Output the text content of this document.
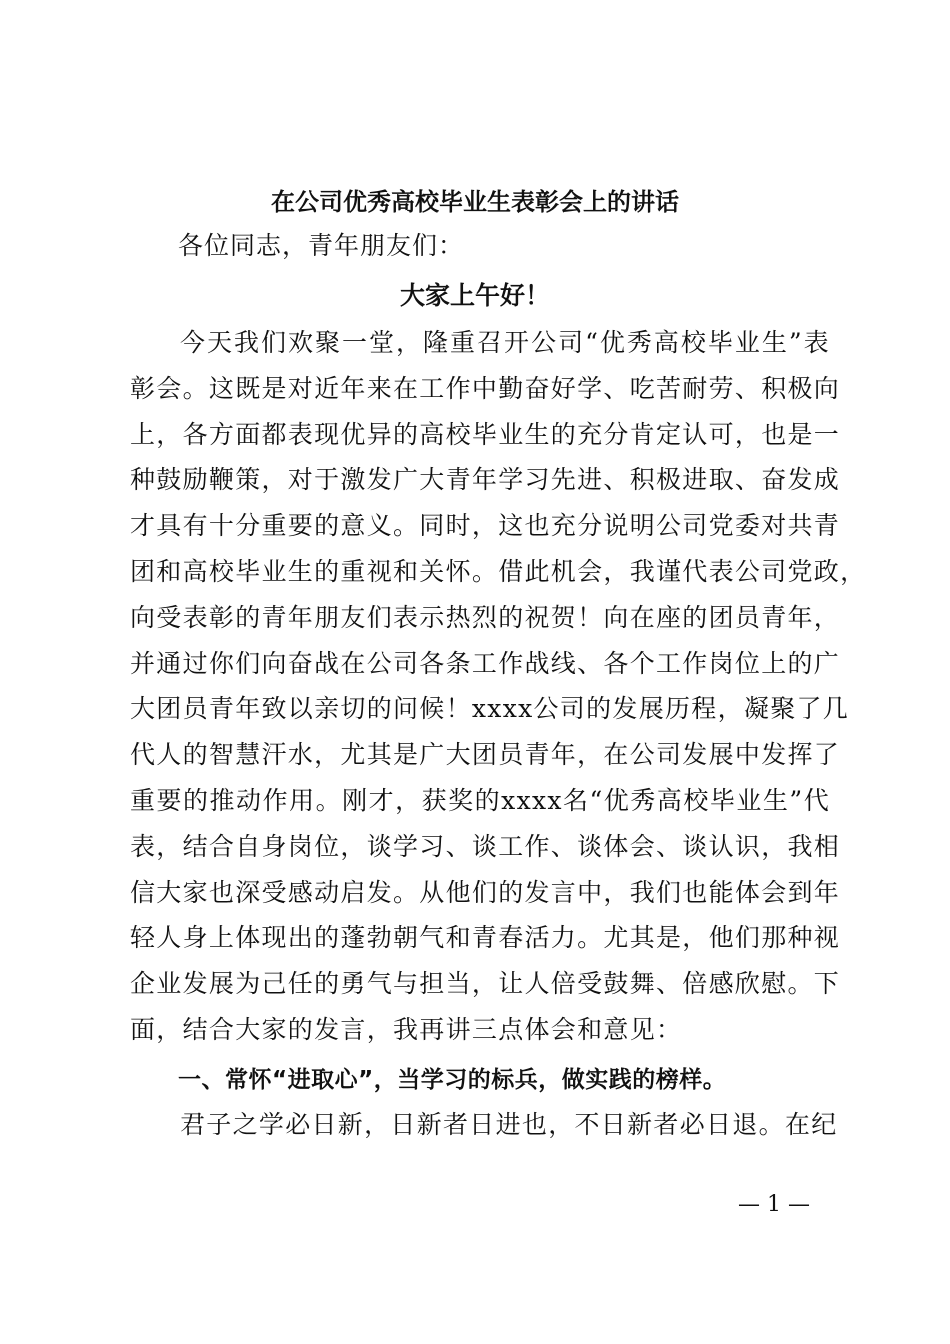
在公司优秀高校毕业生表彰会上的讲话

各位同志，青年朋友们：

大家上午好！

今天我们欢聚一堂，隆重召开公司“优秀高校毕业生”表
彰会。这既是对近年来在工作中勤奋好学、吃苦耐劳、积极向
上，各方面都表现优异的高校毕业生的充分肯定认可，也是一
种鼓励鞭策，对于激发广大青年学习先进、积极进取、奋发成
才具有十分重要的意义。同时，这也充分说明公司党委对共青
团和高校毕业生的重视和关怀。借此机会，我谨代表公司党政，
向受表彰的青年朋友们表示热烈的祝贺！向在座的团员青年，
并通过你们向奋战在公司各条工作战线、各个工作岗位上的广
大团员青年致以亲切的问候！xxxx公司的发展历程，凝聚了几
代人的智慧汗水，尤其是广大团员青年，在公司发展中发挥了
重要的推动作用。刚才，获奖的xxxx名“优秀高校毕业生”代
表，结合自身岗位，谈学习、谈工作、谈体会、谈认识，我相
信大家也深受感动启发。从他们的发言中，我们也能体会到年
轻人身上体现出的蓬勃朝气和青春活力。尤其是，他们那种视
企业发展为己任的勇气与担当，让人倍受鼓舞、倍感欣慰。下
面，结合大家的发言，我再讲三点体会和意见：
一、常怀“进取心”，当学习的标兵，做实践的榜样。

君子之学必日新，日新者日进也，不日新者必日退。在纪

— 1 —
